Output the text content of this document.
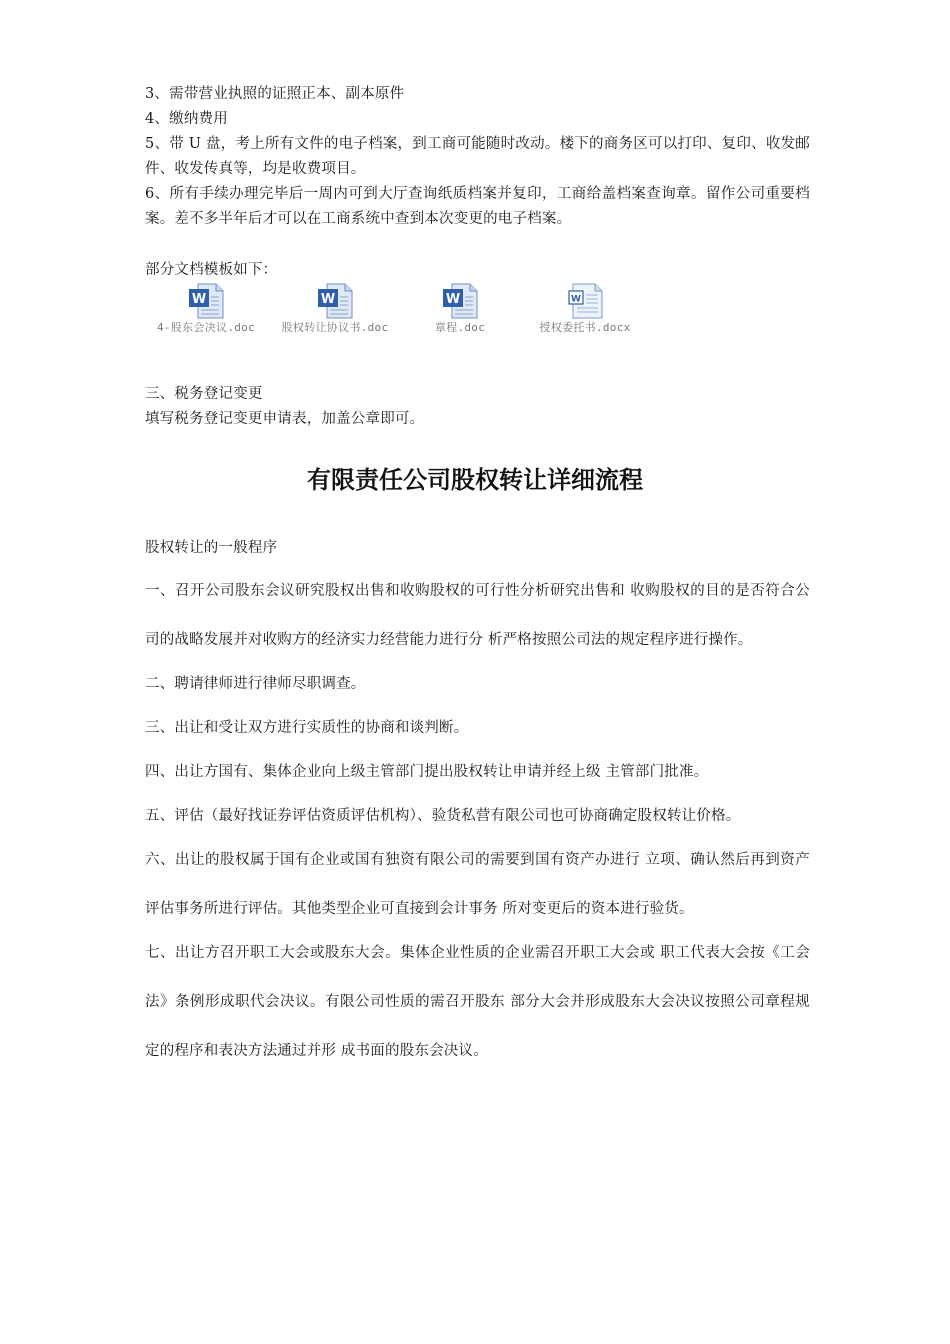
3、需带营业执照的证照正本、副本原件

4、缴纳费用

5、带 U 盘，考上所有文件的电子档案，到工商可能随时改动。楼下的商务区可以打印、复印、收发邮件、收发传真等，均是收费项目。

6、所有手续办理完毕后一周内可到大厅查询纸质档案并复印，工商给盖档案查询章。留作公司重要档案。差不多半年后才可以在工商系统中查到本次变更的电子档案。

部分文档模板如下：

W
4-股东会决议.doc
W
股权转让协议书.doc
W
章程.doc
W
授权委托书.docx

三、税务登记变更

填写税务登记变更申请表，加盖公章即可。

有限责任公司股权转让详细流程

股权转让的一般程序

一、召开公司股东会议研究股权出售和收购股权的可行性分析研究出售和 收购股权的目的是否符合公司的战略发展并对收购方的经济实力经营能力进行分 析严格按照公司法的规定程序进行操作。

二、聘请律师进行律师尽职调查。

三、出让和受让双方进行实质性的协商和谈判断。

四、出让方国有、集体企业向上级主管部门提出股权转让申请并经上级 主管部门批准。

五、评估（最好找证券评估资质评估机构）、验货私营有限公司也可协商确定股权转让价格。

六、出让的股权属于国有企业或国有独资有限公司的需要到国有资产办进行 立项、确认然后再到资产评估事务所进行评估。其他类型企业可直接到会计事务 所对变更后的资本进行验货。

七、出让方召开职工大会或股东大会。集体企业性质的企业需召开职工大会或 职工代表大会按《工会法》条例形成职代会决议。有限公司性质的需召开股东 部分大会并形成股东大会决议按照公司章程规定的程序和表决方法通过并形 成书面的股东会决议。
